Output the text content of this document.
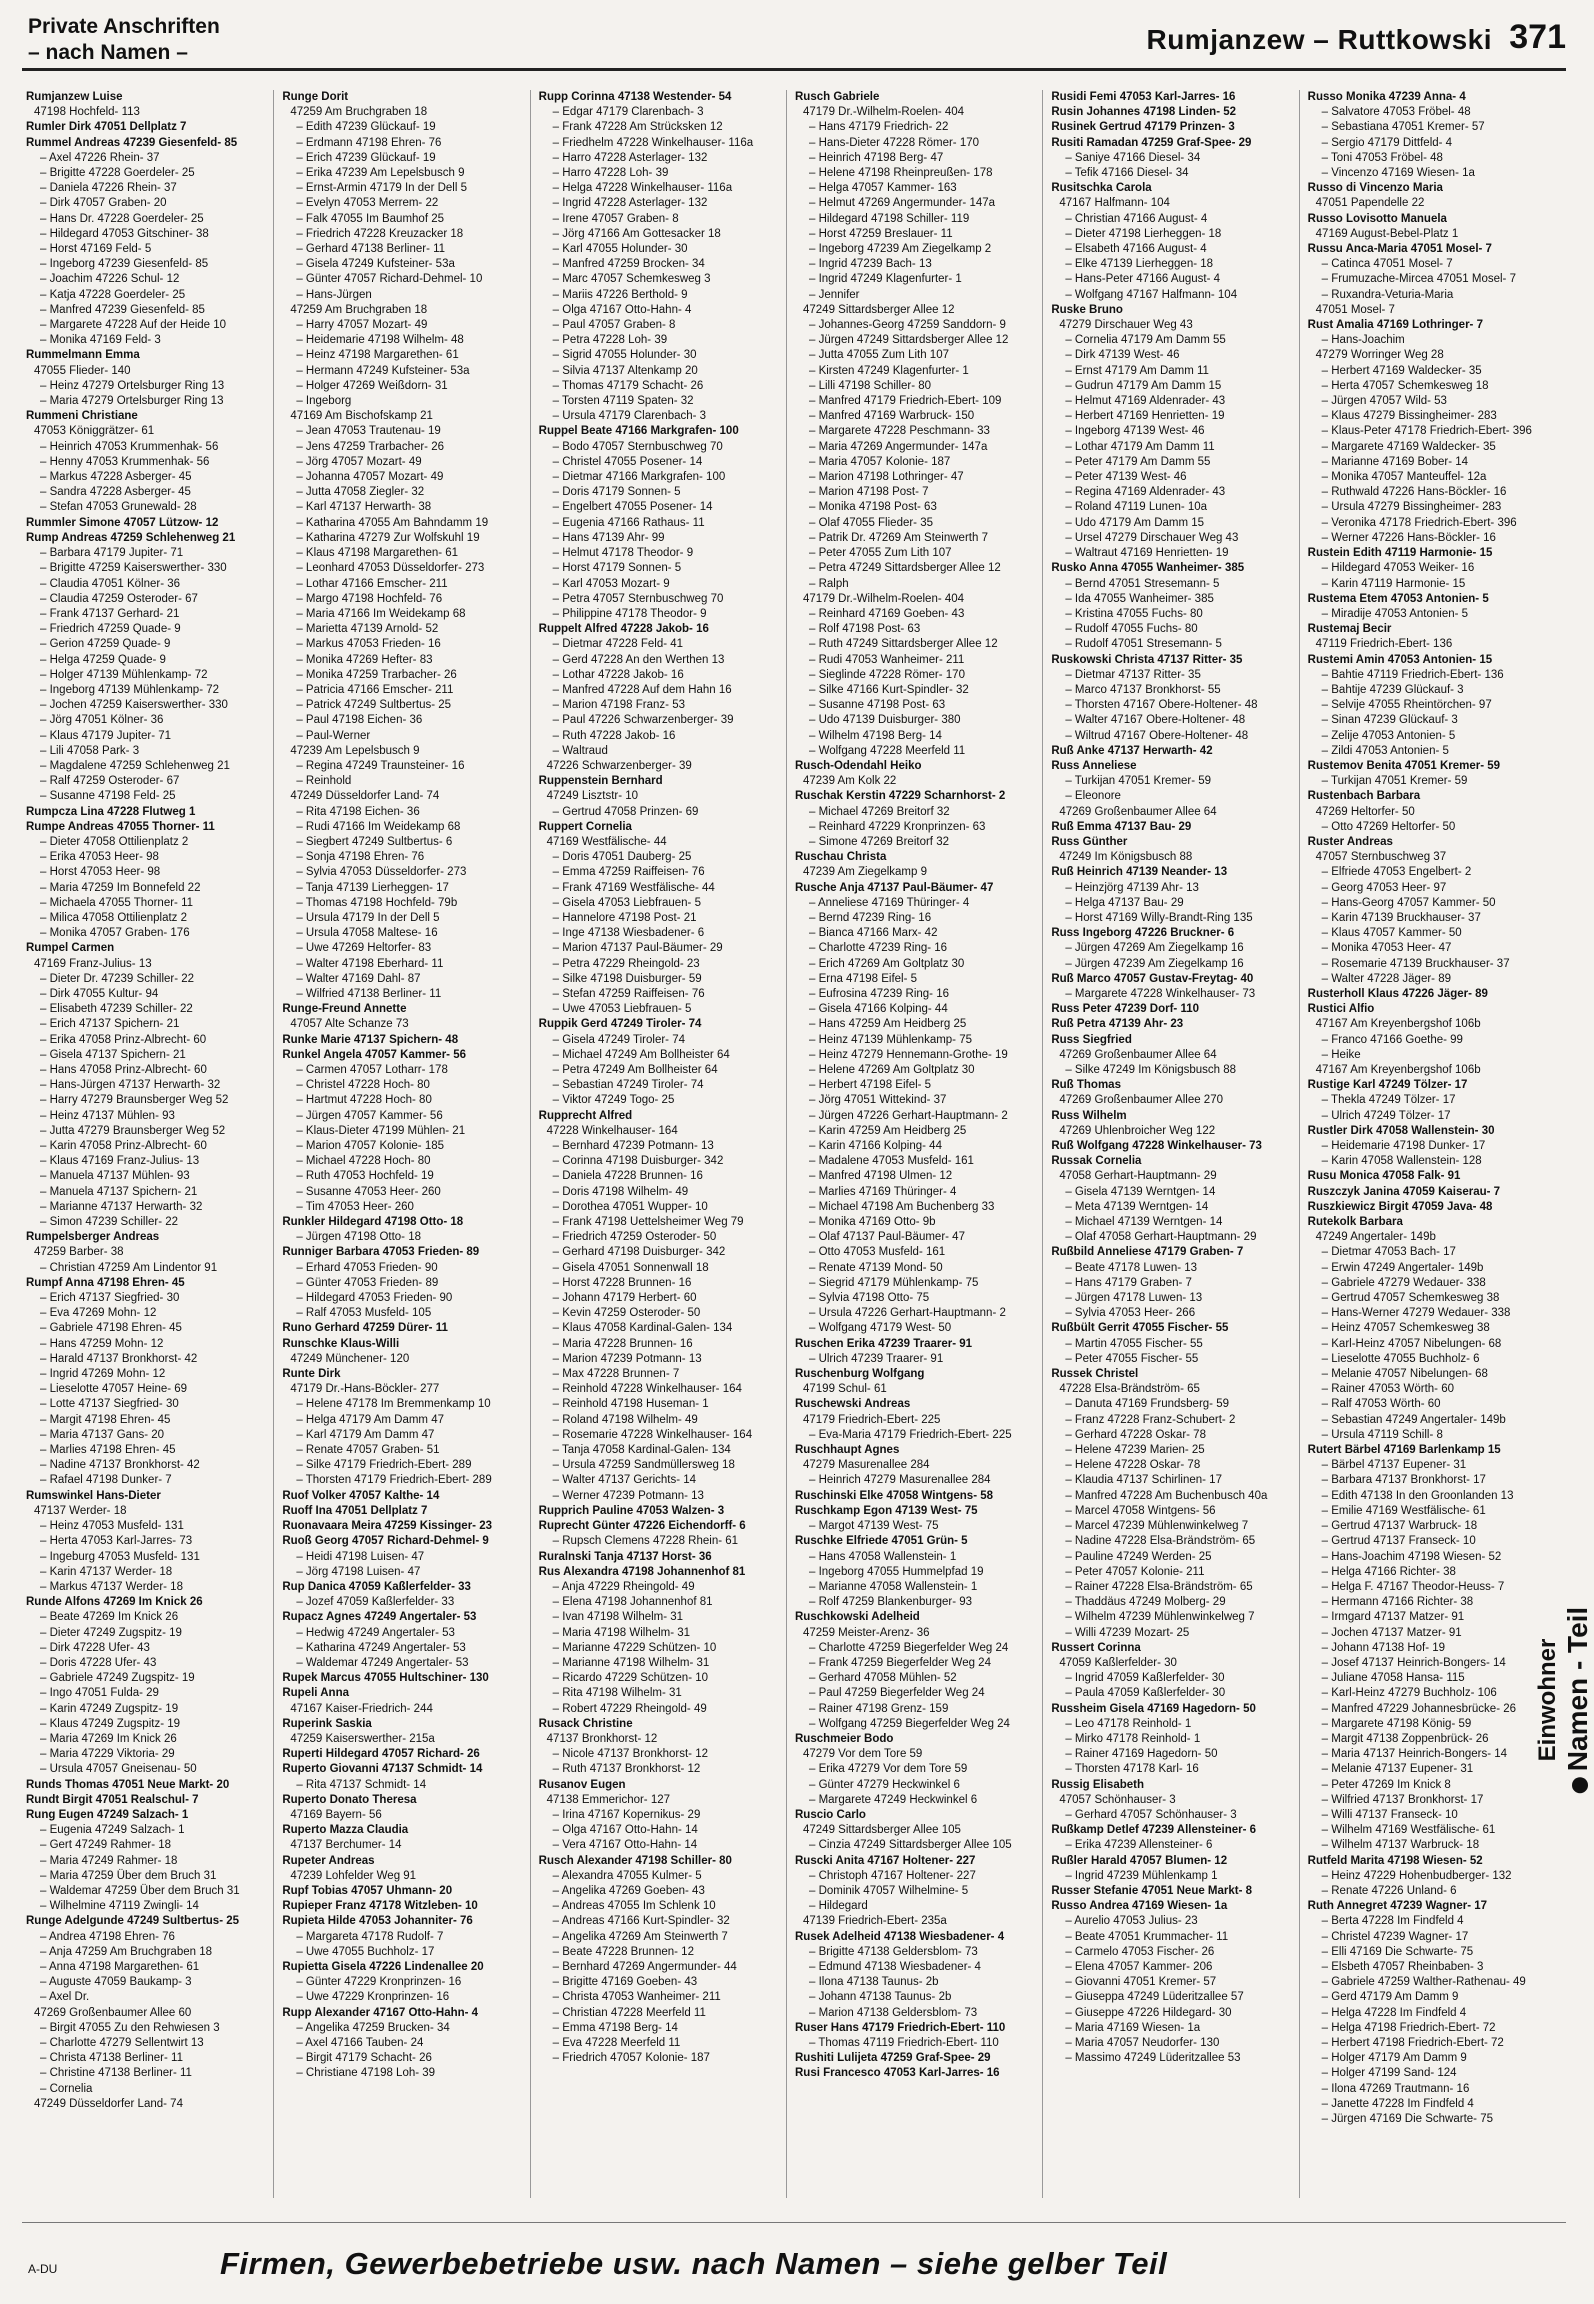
Private Anschriften
– nach Namen –	Rumjanzew – Ruttkowski 371
Rumjanzew Luise
47198 Hochfeld- 113
Rumler Dirk 47051 Dellplatz 7
Rummel Andreas 47239 Giesenfeld- 85
– Axel 47226 Rhein- 37
– Brigitte 47228 Goerdeler- 25
– Daniela 47226 Rhein- 37
– Dirk 47057 Graben- 20
– Hans Dr. 47228 Goerdeler- 25
– Hildegard 47053 Gitschiner- 38
– Horst 47169 Feld- 5
– Ingeborg 47239 Giesenfeld- 85
– Joachim 47226 Schul- 12
– Katja 47228 Goerdeler- 25
– Manfred 47239 Giesenfeld- 85
– Margarete 47228 Auf der Heide 10
– Monika 47169 Feld- 3
Rummelmann Emma
47055 Flieder- 140
– Heinz 47279 Ortelsburger Ring 13
– Maria 47279 Ortelsburger Ring 13
Rummeni Christiane
47053 Königgrätzer- 61
– Heinrich 47053 Krummenhak- 56
– Henny 47053 Krummenhak- 56
– Markus 47228 Asberger- 45
– Sandra 47228 Asberger- 45
– Stefan 47053 Grunewald- 28
Rummler Simone 47057 Lützow- 12
Rump Andreas 47259 Schlehenweg 21
– Barbara 47179 Jupiter- 71
– Brigitte 47259 Kaiserswerther- 330
– Claudia 47051 Kölner- 36
– Claudia 47259 Osteroder- 67
– Frank 47137 Gerhard- 21
– Friedrich 47259 Quade- 9
– Gerion 47259 Quade- 9
– Helga 47259 Quade- 9
– Holger 47139 Mühlenkamp- 72
– Ingeborg 47139 Mühlenkamp- 72
– Jochen 47259 Kaiserswerther- 330
– Jörg 47051 Kölner- 36
– Klaus 47179 Jupiter- 71
– Lili 47058 Park- 3
– Magdalene 47259 Schlehenweg 21
– Ralf 47259 Osteroder- 67
– Susanne 47198 Feld- 25
Rumpcza Lina 47228 Flutweg 1
Rumpe Andreas 47055 Thorner- 11
– Dieter 47058 Ottilienplatz 2
– Erika 47053 Heer- 98
– Horst 47053 Heer- 98
– Maria 47259 Im Bonnefeld 22
– Michaela 47055 Thorner- 11
– Milica 47058 Ottilienplatz 2
– Monika 47057 Graben- 176
Rumpel Carmen
47169 Franz-Julius- 13
– Dieter Dr. 47239 Schiller- 22
– Dirk 47055 Kultur- 94
– Elisabeth 47239 Schiller- 22
– Erich 47137 Spichern- 21
– Erika 47058 Prinz-Albrecht- 60
– Gisela 47137 Spichern- 21
– Hans 47058 Prinz-Albrecht- 60
– Hans-Jürgen 47137 Herwarth- 32
– Harry 47279 Braunsberger Weg 52
– Heinz 47137 Mühlen- 93
– Jutta 47279 Braunsberger Weg 52
– Karin 47058 Prinz-Albrecht- 60
– Klaus 47169 Franz-Julius- 13
– Manuela 47137 Mühlen- 93
– Manuela 47137 Spichern- 21
– Marianne 47137 Herwarth- 32
– Simon 47239 Schiller- 22
Rumpelsberger Andreas
47259 Barber- 38
– Christian 47259 Am Lindentor 91
Rumpf Anna 47198 Ehren- 45
– Erich 47137 Siegfried- 30
– Eva 47269 Mohn- 12
– Gabriele 47198 Ehren- 45
– Hans 47259 Mohn- 12
– Harald 47137 Bronkhorst- 42
– Ingrid 47269 Mohn- 12
– Lieselotte 47057 Heine- 69
– Lotte 47137 Siegfried- 30
– Margit 47198 Ehren- 45
– Maria 47137 Gans- 20
– Marlies 47198 Ehren- 45
– Nadine 47137 Bronkhorst- 42
– Rafael 47198 Dunker- 7
Rumswinkel Hans-Dieter
47137 Werder- 18
– Heinz 47053 Musfeld- 131
– Herta 47053 Karl-Jarres- 73
– Ingeburg 47053 Musfeld- 131
– Karin 47137 Werder- 18
– Markus 47137 Werder- 18
Runde Alfons 47269 Im Knick 26
– Beate 47269 Im Knick 26
– Dieter 47249 Zugspitz- 19
– Dirk 47228 Ufer- 43
– Doris 47228 Ufer- 43
– Gabriele 47249 Zugspitz- 19
– Ingo 47051 Fulda- 29
– Karin 47249 Zugspitz- 19
– Klaus 47249 Zugspitz- 19
– Maria 47269 Im Knick 26
– Maria 47229 Viktoria- 29
– Ursula 47057 Gneisenau- 50
Runds Thomas 47051 Neue Markt- 20
Rundt Birgit 47051 Realschul- 7
Rung Eugen 47249 Salzach- 1
– Eugenia 47249 Salzach- 1
– Gert 47249 Rahmer- 18
– Maria 47249 Rahmer- 18
– Maria 47259 Über dem Bruch 31
– Waldemar 47259 Über dem Bruch 31
– Wilhelmine 47119 Zwingli- 14
Runge Adelgunde 47249 Sultbertus- 25
– Andrea 47198 Ehren- 76
– Anja 47259 Am Bruchgraben 18
– Anna 47198 Margarethen- 61
– Auguste 47059 Baukamp- 3
– Axel Dr.
47269 Großenbaumer Allee 60
– Birgit 47055 Zu den Rehwiesen 3
– Charlotte 47279 Sellentwirt 13
– Christa 47138 Berliner- 11
– Christine 47138 Berliner- 11
– Cornelia
47249 Düsseldorfer Land- 74
Runge Dorit
47259 Am Bruchgraben 18
– Edith 47239 Glückauf- 19
– Erdmann 47198 Ehren- 76
– Erich 47239 Glückauf- 19
– Erika 47239 Am Lepelsbusch 9
– Ernst-Armin 47179 In der Dell 5
– Evelyn 47053 Merrem- 22
– Falk 47055 Im Baumhof 25
– Friedrich 47228 Kreuzacker 18
– Gerhard 47138 Berliner- 11
– Gisela 47249 Kufsteiner- 53a
– Günter 47057 Richard-Dehmel- 10
– Hans-Jürgen
47259 Am Bruchgraben 18
– Harry 47057 Mozart- 49
– Heidemarie 47198 Wilhelm- 48
– Heinz 47198 Margarethen- 61
– Hermann 47249 Kufsteiner- 53a
– Holger 47269 Weißdorn- 31
– Ingeborg
47169 Am Bischofskamp 21
– Jean 47053 Trautenau- 19
– Jens 47259 Trarbacher- 26
– Jörg 47057 Mozart- 49
– Johanna 47057 Mozart- 49
– Jutta 47058 Ziegler- 32
– Karl 47137 Herwarth- 38
– Katharina 47055 Am Bahndamm 19
– Katharina 47279 Zur Wolfskuhl 19
– Klaus 47198 Margarethen- 61
– Leonhard 47053 Düsseldorfer- 273
– Lothar 47166 Emscher- 211
– Margo 47198 Hochfeld- 76
– Maria 47166 Im Weidekamp 68
– Marietta 47139 Arnold- 52
– Markus 47053 Frieden- 16
– Monika 47269 Hefter- 83
– Monika 47259 Trarbacher- 26
– Patricia 47166 Emscher- 211
– Patrick 47249 Sultbertus- 25
– Paul 47198 Eichen- 36
– Paul-Werner
47239 Am Lepelsbusch 9
– Regina 47249 Traunsteiner- 16
– Reinhold
47249 Düsseldorfer Land- 74
– Rita 47198 Eichen- 36
– Rudi 47166 Im Weidekamp 68
– Siegbert 47249 Sultbertus- 6
– Sonja 47198 Ehren- 76
– Sylvia 47053 Düsseldorfer- 273
– Tanja 47139 Lierheggen- 17
– Thomas 47198 Hochfeld- 79b
– Ursula 47179 In der Dell 5
– Ursula 47058 Maltese- 16
– Uwe 47269 Heltorfer- 83
– Walter 47198 Eberhard- 11
– Walter 47169 Dahl- 87
– Wilfried 47138 Berliner- 11
Runge-Freund Annette
47057 Alte Schanze 73
Runke Marie 47137 Spichern- 48
Runkel Angela 47057 Kammer- 56
– Carmen 47057 Lotharr- 178
– Christel 47228 Hoch- 80
– Hartmut 47228 Hoch- 80
– Jürgen 47057 Kammer- 56
– Klaus-Dieter 47199 Mühlen- 21
– Marion 47057 Kolonie- 185
– Michael 47228 Hoch- 80
– Ruth 47053 Hochfeld- 19
– Susanne 47053 Heer- 260
– Tim 47053 Heer- 260
Runkler Hildegard 47198 Otto- 18
– Jürgen 47198 Otto- 18
Runniger Barbara 47053 Frieden- 89
– Erhard 47053 Frieden- 90
– Günter 47053 Frieden- 89
– Hildegard 47053 Frieden- 90
– Ralf 47053 Musfeld- 105
Runo Gerhard 47259 Dürer- 11
Runschke Klaus-Willi
47249 Münchener- 120
Runte Dirk
47179 Dr.-Hans-Böckler- 277
– Helene 47178 Im Bremmenkamp 10
– Helga 47179 Am Damm 47
– Karl 47179 Am Damm 47
– Renate 47057 Graben- 51
– Silke 47179 Friedrich-Ebert- 289
– Thorsten 47179 Friedrich-Ebert- 289
Ruof Volker 47057 Kalthe- 14
Ruoff Ina 47051 Dellplatz 7
Ruonavaara Meira 47259 Kissinger- 23
Ruoß Georg 47057 Richard-Dehmel- 9
– Heidi 47198 Luisen- 47
– Jörg 47198 Luisen- 47
Rup Danica 47059 Kaßlerfelder- 33
– Jozef 47059 Kaßlerfelder- 33
Rupacz Agnes 47249 Angertaler- 53
– Hedwig 47249 Angertaler- 53
– Katharina 47249 Angertaler- 53
– Waldemar 47249 Angertaler- 53
Rupek Marcus 47055 Hultschiner- 130
Rupeli Anna
47167 Kaiser-Friedrich- 244
Ruperink Saskia
47259 Kaiserswerther- 215a
Ruperti Hildegard 47057 Richard- 26
Ruperto Giovanni 47137 Schmidt- 14
– Rita 47137 Schmidt- 14
Ruperto Donato Theresa
47169 Bayern- 56
Ruperto Mazza Claudia
47137 Berchumer- 14
Rupeter Andreas
47239 Lohfelder Weg 91
Rupf Tobias 47057 Uhmann- 20
Rupieper Franz 47178 Witzleben- 10
Rupieta Hilde 47053 Johanniter- 76
– Margareta 47178 Rudolf- 7
– Uwe 47055 Buchholz- 17
Rupietta Gisela 47226 Lindenallee 20
– Günter 47229 Kronprinzen- 16
– Uwe 47229 Kronprinzen- 16
Rupp Alexander 47167 Otto-Hahn- 4
– Angelika 47259 Brucken- 34
– Axel 47166 Tauben- 24
– Birgit 47179 Schacht- 26
– Christiane 47198 Loh- 39
Rupp Corinna 47138 Westender- 54
– Edgar 47179 Clarenbach- 3
– Frank 47228 Am Strücksken 12
– Friedhelm 47228 Winkelhauser- 116a
– Harro 47228 Asterlager- 132
– Harro 47228 Loh- 39
– Helga 47228 Winkelhauser- 116a
– Ingrid 47228 Asterlager- 132
– Irene 47057 Graben- 8
– Jörg 47166 Am Gottesacker 18
– Karl 47055 Holunder- 30
– Manfred 47259 Brocken- 34
– Marc 47057 Schemkesweg 3
– Mariis 47226 Berthold- 9
– Olga 47167 Otto-Hahn- 4
– Paul 47057 Graben- 8
– Petra 47228 Loh- 39
– Sigrid 47055 Holunder- 30
– Silvia 47137 Altenkamp 20
– Thomas 47179 Schacht- 26
– Torsten 47119 Spaten- 32
– Ursula 47179 Clarenbach- 3
Ruppel Beate 47166 Markgrafen- 100
– Bodo 47057 Sternbuschweg 70
– Christel 47055 Posener- 14
– Dietmar 47166 Markgrafen- 100
– Doris 47179 Sonnen- 5
– Engelbert 47055 Posener- 14
– Eugenia 47166 Rathaus- 11
– Hans 47139 Ahr- 99
– Helmut 47178 Theodor- 9
– Horst 47179 Sonnen- 5
– Karl 47053 Mozart- 9
– Petra 47057 Sternbuschweg 70
– Philippine 47178 Theodor- 9
Ruppelt Alfred 47228 Jakob- 16
– Dietmar 47228 Feld- 41
– Gerd 47228 An den Werthen 13
– Lothar 47228 Jakob- 16
– Manfred 47228 Auf dem Hahn 16
– Marion 47198 Franz- 53
– Paul 47226 Schwarzenberger- 39
– Ruth 47228 Jakob- 16
– Waltraud
47226 Schwarzenberger- 39
Ruppenstein Bernhard
47249 Lisztstr- 10
– Gertrud 47058 Prinzen- 69
Ruppert Cornelia
47169 Westfälische- 44
– Doris 47051 Dauberg- 25
– Emma 47259 Raiffeisen- 76
– Frank 47169 Westfälische- 44
– Gisela 47053 Liebfrauen- 5
– Hannelore 47198 Post- 21
– Inge 47138 Wiesbadener- 6
– Marion 47137 Paul-Bäumer- 29
– Petra 47229 Rheingold- 23
– Silke 47198 Duisburger- 59
– Stefan 47259 Raiffeisen- 76
– Uwe 47053 Liebfrauen- 5
Ruppik Gerd 47249 Tiroler- 74
– Gisela 47249 Tiroler- 74
– Michael 47249 Am Bollheister 64
– Petra 47249 Am Bollheister 64
– Sebastian 47249 Tiroler- 74
– Viktor 47249 Togo- 25
Rupprecht Alfred
47228 Winkelhauser- 164
– Bernhard 47239 Potmann- 13
– Corinna 47198 Duisburger- 342
– Daniela 47228 Brunnen- 16
– Doris 47198 Wilhelm- 49
– Dorothea 47051 Wupper- 10
– Frank 47198 Uettelsheimer Weg 79
– Friedrich 47259 Osteroder- 50
– Gerhard 47198 Duisburger- 342
– Gisela 47051 Sonnenwall 18
– Horst 47228 Brunnen- 16
– Johann 47179 Herbert- 60
– Kevin 47259 Osteroder- 50
– Klaus 47058 Kardinal-Galen- 134
– Maria 47228 Brunnen- 16
– Marion 47239 Potmann- 13
– Max 47228 Brunnen- 7
– Reinhold 47228 Winkelhauser- 164
– Reinhold 47198 Huseman- 1
– Roland 47198 Wilhelm- 49
– Rosemarie 47228 Winkelhauser- 164
– Tanja 47058 Kardinal-Galen- 134
– Ursula 47259 Sandmüllersweg 18
– Walter 47137 Gerichts- 14
– Werner 47239 Potmann- 13
Rupprich Pauline 47053 Walzen- 3
Ruprecht Günter 47226 Eichendorff- 6
– Rupsch Clemens 47228 Rhein- 61
Ruralnski Tanja 47137 Horst- 36
Rus Alexandra 47198 Johannenhof 81
– Anja 47229 Rheingold- 49
– Elena 47198 Johannenhof 81
– Ivan 47198 Wilhelm- 31
– Maria 47198 Wilhelm- 31
– Marianne 47229 Schützen- 10
– Marianne 47198 Wilhelm- 31
– Ricardo 47229 Schützen- 10
– Rita 47198 Wilhelm- 31
– Robert 47229 Rheingold- 49
Rusack Christine
47137 Bronkhorst- 12
– Nicole 47137 Bronkhorst- 12
– Ruth 47137 Bronkhorst- 12
Rusanov Eugen
47138 Emmerichor- 127
– Irina 47167 Kopernikus- 29
– Olga 47167 Otto-Hahn- 14
– Vera 47167 Otto-Hahn- 14
Rusch Alexander 47198 Schiller- 80
– Alexandra 47055 Kulmer- 5
– Angelika 47269 Goeben- 43
– Andreas 47055 Im Schlenk 10
– Andreas 47166 Kurt-Spindler- 32
– Angelika 47269 Am Steinwerth 7
– Beate 47228 Brunnen- 12
– Bernhard 47269 Angermunder- 44
– Brigitte 47169 Goeben- 43
– Christa 47053 Wanheimer- 211
– Christian 47228 Meerfeld 11
– Emma 47198 Berg- 14
– Eva 47228 Meerfeld 11
– Friedrich 47057 Kolonie- 187
Rusch Gabriele
47179 Dr.-Wilhelm-Roelen- 404
– Hans 47179 Friedrich- 22
– Hans-Dieter 47228 Römer- 170
– Heinrich 47198 Berg- 47
– Helene 47198 Rheinpreußen- 178
– Helga 47057 Kammer- 163
– Helmut 47269 Angermunder- 147a
– Hildegard 47198 Schiller- 119
– Horst 47259 Breslauer- 11
– Ingeborg 47239 Am Ziegelkamp 2
– Ingrid 47239 Bach- 13
– Ingrid 47249 Klagenfurter- 1
– Jennifer
47249 Sittardsberger Allee 12
– Johannes-Georg 47259 Sanddorn- 9
– Jürgen 47249 Sittardsberger Allee 12
– Jutta 47055 Zum Lith 107
– Kirsten 47249 Klagenfurter- 1
– Lilli 47198 Schiller- 80
– Manfred 47179 Friedrich-Ebert- 109
– Manfred 47169 Warbruck- 150
– Margarete 47228 Peschmann- 33
– Maria 47269 Angermunder- 147a
– Maria 47057 Kolonie- 187
– Marion 47198 Lothringer- 47
– Marion 47198 Post- 7
– Monika 47198 Post- 63
– Olaf 47055 Flieder- 35
– Patrik Dr. 47269 Am Steinwerth 7
– Peter 47055 Zum Lith 107
– Petra 47249 Sittardsberger Allee 12
– Ralph
47179 Dr.-Wilhelm-Roelen- 404
– Reinhard 47169 Goeben- 43
– Rolf 47198 Post- 63
– Ruth 47249 Sittardsberger Allee 12
– Rudi 47053 Wanheimer- 211
– Sieglinde 47228 Römer- 170
– Silke 47166 Kurt-Spindler- 32
– Susanne 47198 Post- 63
– Udo 47139 Duisburger- 380
– Wilhelm 47198 Berg- 14
– Wolfgang 47228 Meerfeld 11
Rusch-Odendahl Heiko
47239 Am Kolk 22
Ruschak Kerstin 47229 Scharnhorst- 2
– Michael 47269 Breitorf 32
– Reinhard 47229 Kronprinzen- 63
– Simone 47269 Breitorf 32
Ruschau Christa
47239 Am Ziegelkamp 9
Rusche Anja 47137 Paul-Bäumer- 47
– Anneliese 47169 Thüringer- 4
– Bernd 47239 Ring- 16
– Bianca 47166 Marx- 42
– Charlotte 47239 Ring- 16
– Erich 47269 Am Goltplatz 30
– Erna 47198 Eifel- 5
– Eufrosina 47239 Ring- 16
– Gisela 47166 Kolping- 44
– Hans 47259 Am Heidberg 25
– Heinz 47139 Mühlenkamp- 75
– Heinz 47279 Hennemann-Grothe- 19
– Helene 47269 Am Goltplatz 30
– Herbert 47198 Eifel- 5
– Jörg 47051 Wittekind- 37
– Jürgen 47226 Gerhart-Hauptmann- 2
– Karin 47259 Am Heidberg 25
– Karin 47166 Kolping- 44
– Madalene 47053 Musfeld- 161
– Manfred 47198 Ulmen- 12
– Marlies 47169 Thüringer- 4
– Michael 47198 Am Buchenberg 33
– Monika 47169 Otto- 9b
– Olaf 47137 Paul-Bäumer- 47
– Otto 47053 Musfeld- 161
– Renate 47139 Mond- 50
– Siegrid 47179 Mühlenkamp- 75
– Sylvia 47198 Otto- 75
– Ursula 47226 Gerhart-Hauptmann- 2
– Wolfgang 47179 West- 50
Ruschen Erika 47239 Traarer- 91
– Ulrich 47239 Traarer- 91
Ruschenburg Wolfgang
47199 Schul- 61
Ruschewski Andreas
47179 Friedrich-Ebert- 225
– Eva-Maria 47179 Friedrich-Ebert- 225
Ruschhaupt Agnes
47279 Masurenallee 284
– Heinrich 47279 Masurenallee 284
Ruschinski Elke 47058 Wintgens- 58
Ruschkamp Egon 47139 West- 75
– Margot 47139 West- 75
Ruschke Elfriede 47051 Grün- 5
– Hans 47058 Wallenstein- 1
– Ingeborg 47055 Hummelpfad 19
– Marianne 47058 Wallenstein- 1
– Rolf 47259 Blankenburger- 93
Ruschkowski Adelheid
47259 Meister-Arenz- 36
– Charlotte 47259 Biegerfelder Weg 24
– Frank 47259 Biegerfelder Weg 24
– Gerhard 47058 Mühlen- 52
– Paul 47259 Biegerfelder Weg 24
– Rainer 47198 Grenz- 159
– Wolfgang 47259 Biegerfelder Weg 24
Ruschmeier Bodo
47279 Vor dem Tore 59
– Erika 47279 Vor dem Tore 59
– Günter 47279 Heckwinkel 6
– Margarete 47249 Heckwinkel 6
Ruscio Carlo
47249 Sittardsberger Allee 105
– Cinzia 47249 Sittardsberger Allee 105
Ruscki Anita 47167 Holtener- 227
– Christoph 47167 Holtener- 227
– Dominik 47057 Wilhelmine- 5
– Hildegard
47139 Friedrich-Ebert- 235a
Rusek Adelheid 47138 Wiesbadener- 4
– Brigitte 47138 Geldersblom- 73
– Edmund 47138 Wiesbadener- 4
– Ilona 47138 Taunus- 2b
– Johann 47138 Taunus- 2b
– Marion 47138 Geldersblom- 73
Ruser Hans 47179 Friedrich-Ebert- 110
– Thomas 47119 Friedrich-Ebert- 110
Rushiti Lulijeta 47259 Graf-Spee- 29
Rusi Francesco 47053 Karl-Jarres- 16
Rusidi Femi 47053 Karl-Jarres- 16
Rusin Johannes 47198 Linden- 52
Rusinek Gertrud 47179 Prinzen- 3
Rusiti Ramadan 47259 Graf-Spee- 29
– Saniye 47166 Diesel- 34
– Tefik 47166 Diesel- 34
Rusitschka Carola
47167 Halfmann- 104
– Christian 47166 August- 4
– Dieter 47198 Lierheggen- 18
– Elsabeth 47166 August- 4
– Elke 47139 Lierheggen- 18
– Hans-Peter 47166 August- 4
– Wolfgang 47167 Halfmann- 104
Ruske Bruno
47279 Dirschauer Weg 43
– Cornelia 47179 Am Damm 55
– Dirk 47139 West- 46
– Ernst 47179 Am Damm 11
– Gudrun 47179 Am Damm 15
– Helmut 47169 Aldenrader- 43
– Herbert 47169 Henrietten- 19
– Ingeborg 47139 West- 46
– Lothar 47179 Am Damm 11
– Peter 47179 Am Damm 55
– Peter 47139 West- 46
– Regina 47169 Aldenrader- 43
– Roland 47119 Lunen- 10a
– Udo 47179 Am Damm 15
– Ursel 47279 Dirschauer Weg 43
– Waltraut 47169 Henrietten- 19
Rusko Anna 47055 Wanheimer- 385
– Bernd 47051 Stresemann- 5
– Ida 47055 Wanheimer- 385
– Kristina 47055 Fuchs- 80
– Rudolf 47055 Fuchs- 80
– Rudolf 47051 Stresemann- 5
Ruskowski Christa 47137 Ritter- 35
– Dietmar 47137 Ritter- 35
– Marco 47137 Bronkhorst- 55
– Thorsten 47167 Obere-Holtener- 48
– Walter 47167 Obere-Holtener- 48
– Wiltrud 47167 Obere-Holtener- 48
Ruß Anke 47137 Herwarth- 42
Russ Anneliese
– Turkijan 47051 Kremer- 59
– Eleonore
47269 Großenbaumer Allee 64
Ruß Emma 47137 Bau- 29
Russ Günther
47249 Im Königsbusch 88
Ruß Heinrich 47139 Neander- 13
– Heinzjörg 47139 Ahr- 13
– Helga 47137 Bau- 29
– Horst 47169 Willy-Brandt-Ring 135
Russ Ingeborg 47226 Bruckner- 6
– Jürgen 47269 Am Ziegelkamp 16
– Jürgen 47239 Am Ziegelkamp 16
Ruß Marco 47057 Gustav-Freytag- 40
– Margarete 47228 Winkelhauser- 73
Russ Peter 47239 Dorf- 110
Ruß Petra 47139 Ahr- 23
Russ Siegfried
47269 Großenbaumer Allee 64
– Silke 47249 Im Königsbusch 88
Ruß Thomas
47269 Großenbaumer Allee 270
Russ Wilhelm
47269 Uhlenbroicher Weg 122
Ruß Wolfgang 47228 Winkelhauser- 73
Russak Cornelia
47058 Gerhart-Hauptmann- 29
– Gisela 47139 Werntgen- 14
– Meta 47139 Werntgen- 14
– Michael 47139 Werntgen- 14
– Olaf 47058 Gerhart-Hauptmann- 29
Rußbild Anneliese 47179 Graben- 7
– Beate 47178 Luwen- 13
– Hans 47179 Graben- 7
– Jürgen 47178 Luwen- 13
– Sylvia 47053 Heer- 266
Rußbült Gerrit 47055 Fischer- 55
– Martin 47055 Fischer- 55
– Peter 47055 Fischer- 55
Russek Christel
47228 Elsa-Brändström- 65
– Danuta 47169 Frundsberg- 59
– Franz 47228 Franz-Schubert- 2
– Gerhard 47228 Oskar- 78
– Helene 47239 Marien- 25
– Helene 47228 Oskar- 78
– Klaudia 47137 Schirlinen- 17
– Manfred 47228 Am Buchenbusch 40a
– Marcel 47058 Wintgens- 56
– Marcel 47239 Mühlenwinkelweg 7
– Nadine 47228 Elsa-Brändström- 65
– Pauline 47249 Werden- 25
– Peter 47057 Kolonie- 211
– Rainer 47228 Elsa-Brändström- 65
– Thaddäus 47249 Molberg- 29
– Wilhelm 47239 Mühlenwinkelweg 7
– Willi 47239 Mozart- 25
Russert Corinna
47059 Kaßlerfelder- 30
– Ingrid 47059 Kaßlerfelder- 30
– Paula 47059 Kaßlerfelder- 30
Russheim Gisela 47169 Hagedorn- 50
– Leo 47178 Reinhold- 1
– Mirko 47178 Reinhold- 1
– Rainer 47169 Hagedorn- 50
– Thorsten 47178 Karl- 16
Russig Elisabeth
47057 Schönhauser- 3
– Gerhard 47057 Schönhauser- 3
Rußkamp Detlef 47239 Allensteiner- 6
– Erika 47239 Allensteiner- 6
Rußler Harald 47057 Blumen- 12
– Ingrid 47239 Mühlenkamp 1
Russer Stefanie 47051 Neue Markt- 8
Russo Andrea 47169 Wiesen- 1a
– Aurelio 47053 Julius- 23
– Beate 47051 Krummacher- 11
– Carmelo 47053 Fischer- 26
– Elena 47057 Kammer- 206
– Giovanni 47051 Kremer- 57
– Giuseppa 47249 Lüderitzallee 57
– Giuseppe 47226 Hildegard- 30
– Maria 47169 Wiesen- 1a
– Maria 47057 Neudorfer- 130
– Massimo 47249 Lüderitzallee 53
Russo Monika 47239 Anna- 4
– Salvatore 47053 Fröbel- 48
– Sebastiana 47051 Kremer- 57
– Sergio 47179 Dittfeld- 4
– Toni 47053 Fröbel- 48
– Vincenzo 47169 Wiesen- 1a
Russo di Vincenzo Maria
47051 Papendelle 22
Russo Lovisotto Manuela
47169 August-Bebel-Platz 1
Russu Anca-Maria 47051 Mosel- 7
– Catinca 47051 Mosel- 7
– Frumuzache-Mircea 47051 Mosel- 7
– Ruxandra-Veturia-Maria
47051 Mosel- 7
Rust Amalia 47169 Lothringer- 7
– Hans-Joachim
47279 Worringer Weg 28
– Herbert 47169 Waldecker- 35
– Herta 47057 Schemkesweg 18
– Jürgen 47057 Wild- 53
– Klaus 47279 Bissingheimer- 283
– Klaus-Peter 47178 Friedrich-Ebert- 396
– Margarete 47169 Waldecker- 35
– Marianne 47169 Bober- 14
– Monika 47057 Manteuffel- 12a
– Ruthwald 47226 Hans-Böckler- 16
– Ursula 47279 Bissingheimer- 283
– Veronika 47178 Friedrich-Ebert- 396
– Werner 47226 Hans-Böckler- 16
Rustein Edith 47119 Harmonie- 15
– Hildegard 47053 Weiker- 16
– Karin 47119 Harmonie- 15
Rustema Etem 47053 Antonien- 5
– Miradije 47053 Antonien- 5
Rustemaj Becir
47119 Friedrich-Ebert- 136
Rustemi Amin 47053 Antonien- 15
– Bahtie 47119 Friedrich-Ebert- 136
– Bahtije 47239 Glückauf- 3
– Selvije 47055 Rheintörchen- 97
– Sinan 47239 Glückauf- 3
– Zelije 47053 Antonien- 5
– Zildi 47053 Antonien- 5
Rustemov Benita 47051 Kremer- 59
– Turkijan 47051 Kremer- 59
Rustenbach Barbara
47269 Heltorfer- 50
– Otto 47269 Heltorfer- 50
Ruster Andreas
47057 Sternbuschweg 37
– Elfriede 47053 Engelbert- 2
– Georg 47053 Heer- 97
– Hans-Georg 47057 Kammer- 50
– Karin 47139 Bruckhauser- 37
– Klaus 47057 Kammer- 50
– Monika 47053 Heer- 47
– Rosemarie 47139 Bruckhauser- 37
– Walter 47228 Jäger- 89
Rusterholl Klaus 47226 Jäger- 89
Rustici Alfio
47167 Am Kreyenbergshof 106b
– Franco 47166 Goethe- 99
– Heike
47167 Am Kreyenbergshof 106b
Rustige Karl 47249 Tölzer- 17
– Thekla 47249 Tölzer- 17
– Ulrich 47249 Tölzer- 17
Rustler Dirk 47058 Wallenstein- 30
– Heidemarie 47198 Dunker- 17
– Karin 47058 Wallenstein- 128
Rusu Monica 47058 Falk- 91
Ruszczyk Janina 47059 Kaiserau- 7
Ruszkiewicz Birgit 47059 Java- 48
Rutekolk Barbara
47249 Angertaler- 149b
– Dietmar 47053 Bach- 17
– Erwin 47249 Angertaler- 149b
– Gabriele 47279 Wedauer- 338
– Gertrud 47057 Schemkesweg 38
– Hans-Werner 47279 Wedauer- 338
– Heinz 47057 Schemkesweg 38
– Karl-Heinz 47057 Nibelungen- 68
– Lieselotte 47055 Buchholz- 6
– Melanie 47057 Nibelungen- 68
– Rainer 47053 Wörth- 60
– Ralf 47053 Wörth- 60
– Sebastian 47249 Angertaler- 149b
– Ursula 47119 Schill- 8
Rutert Bärbel 47169 Barlenkamp 15
– Bärbel 47137 Eupener- 31
– Barbara 47137 Bronkhorst- 17
– Edith 47138 In den Groonlanden 13
– Emilie 47169 Westfälische- 61
– Gertrud 47137 Warbruck- 18
– Gertrud 47137 Franseck- 10
– Hans-Joachim 47198 Wiesen- 52
– Helga 47166 Richter- 38
– Helga F. 47167 Theodor-Heuss- 7
– Hermann 47166 Richter- 38
– Irmgard 47137 Matzer- 91
– Jochen 47137 Matzer- 91
– Johann 47138 Hof- 19
– Josef 47137 Heinrich-Bongers- 14
– Juliane 47058 Hansa- 115
– Karl-Heinz 47279 Buchholz- 106
– Manfred 47229 Johannesbrücke- 26
– Margarete 47198 König- 59
– Margit 47138 Zoppenbrück- 26
– Maria 47137 Heinrich-Bongers- 14
– Melanie 47137 Eupener- 31
– Peter 47269 Im Knick 8
– Wilfried 47137 Bronkhorst- 17
– Willi 47137 Franseck- 10
– Wilhelm 47169 Westfälische- 61
– Wilhelm 47137 Warbruck- 18
Rutfeld Marita 47198 Wiesen- 52
– Heinz 47229 Hohenbudberger- 132
– Renate 47226 Unland- 6
Ruth Annegret 47239 Wagner- 17
– Berta 47228 Im Findfeld 4
– Christel 47239 Wagner- 17
– Elli 47169 Die Schwarte- 75
– Elsbeth 47057 Rheinbaben- 3
– Gabriele 47259 Walther-Rathenau- 49
– Gerd 47179 Am Damm 9
– Helga 47228 Im Findfeld 4
– Helga 47198 Friedrich-Ebert- 72
– Herbert 47198 Friedrich-Ebert- 72
– Holger 47179 Am Damm 9
– Holger 47199 Sand- 124
– Ilona 47269 Trautmann- 16
– Janette 47228 Im Findfeld 4
– Jürgen 47169 Die Schwarte- 75
Einwohner Namen - Teil
A-DU	Firmen, Gewerbebetriebe usw. nach Namen – siehe gelber Teil
